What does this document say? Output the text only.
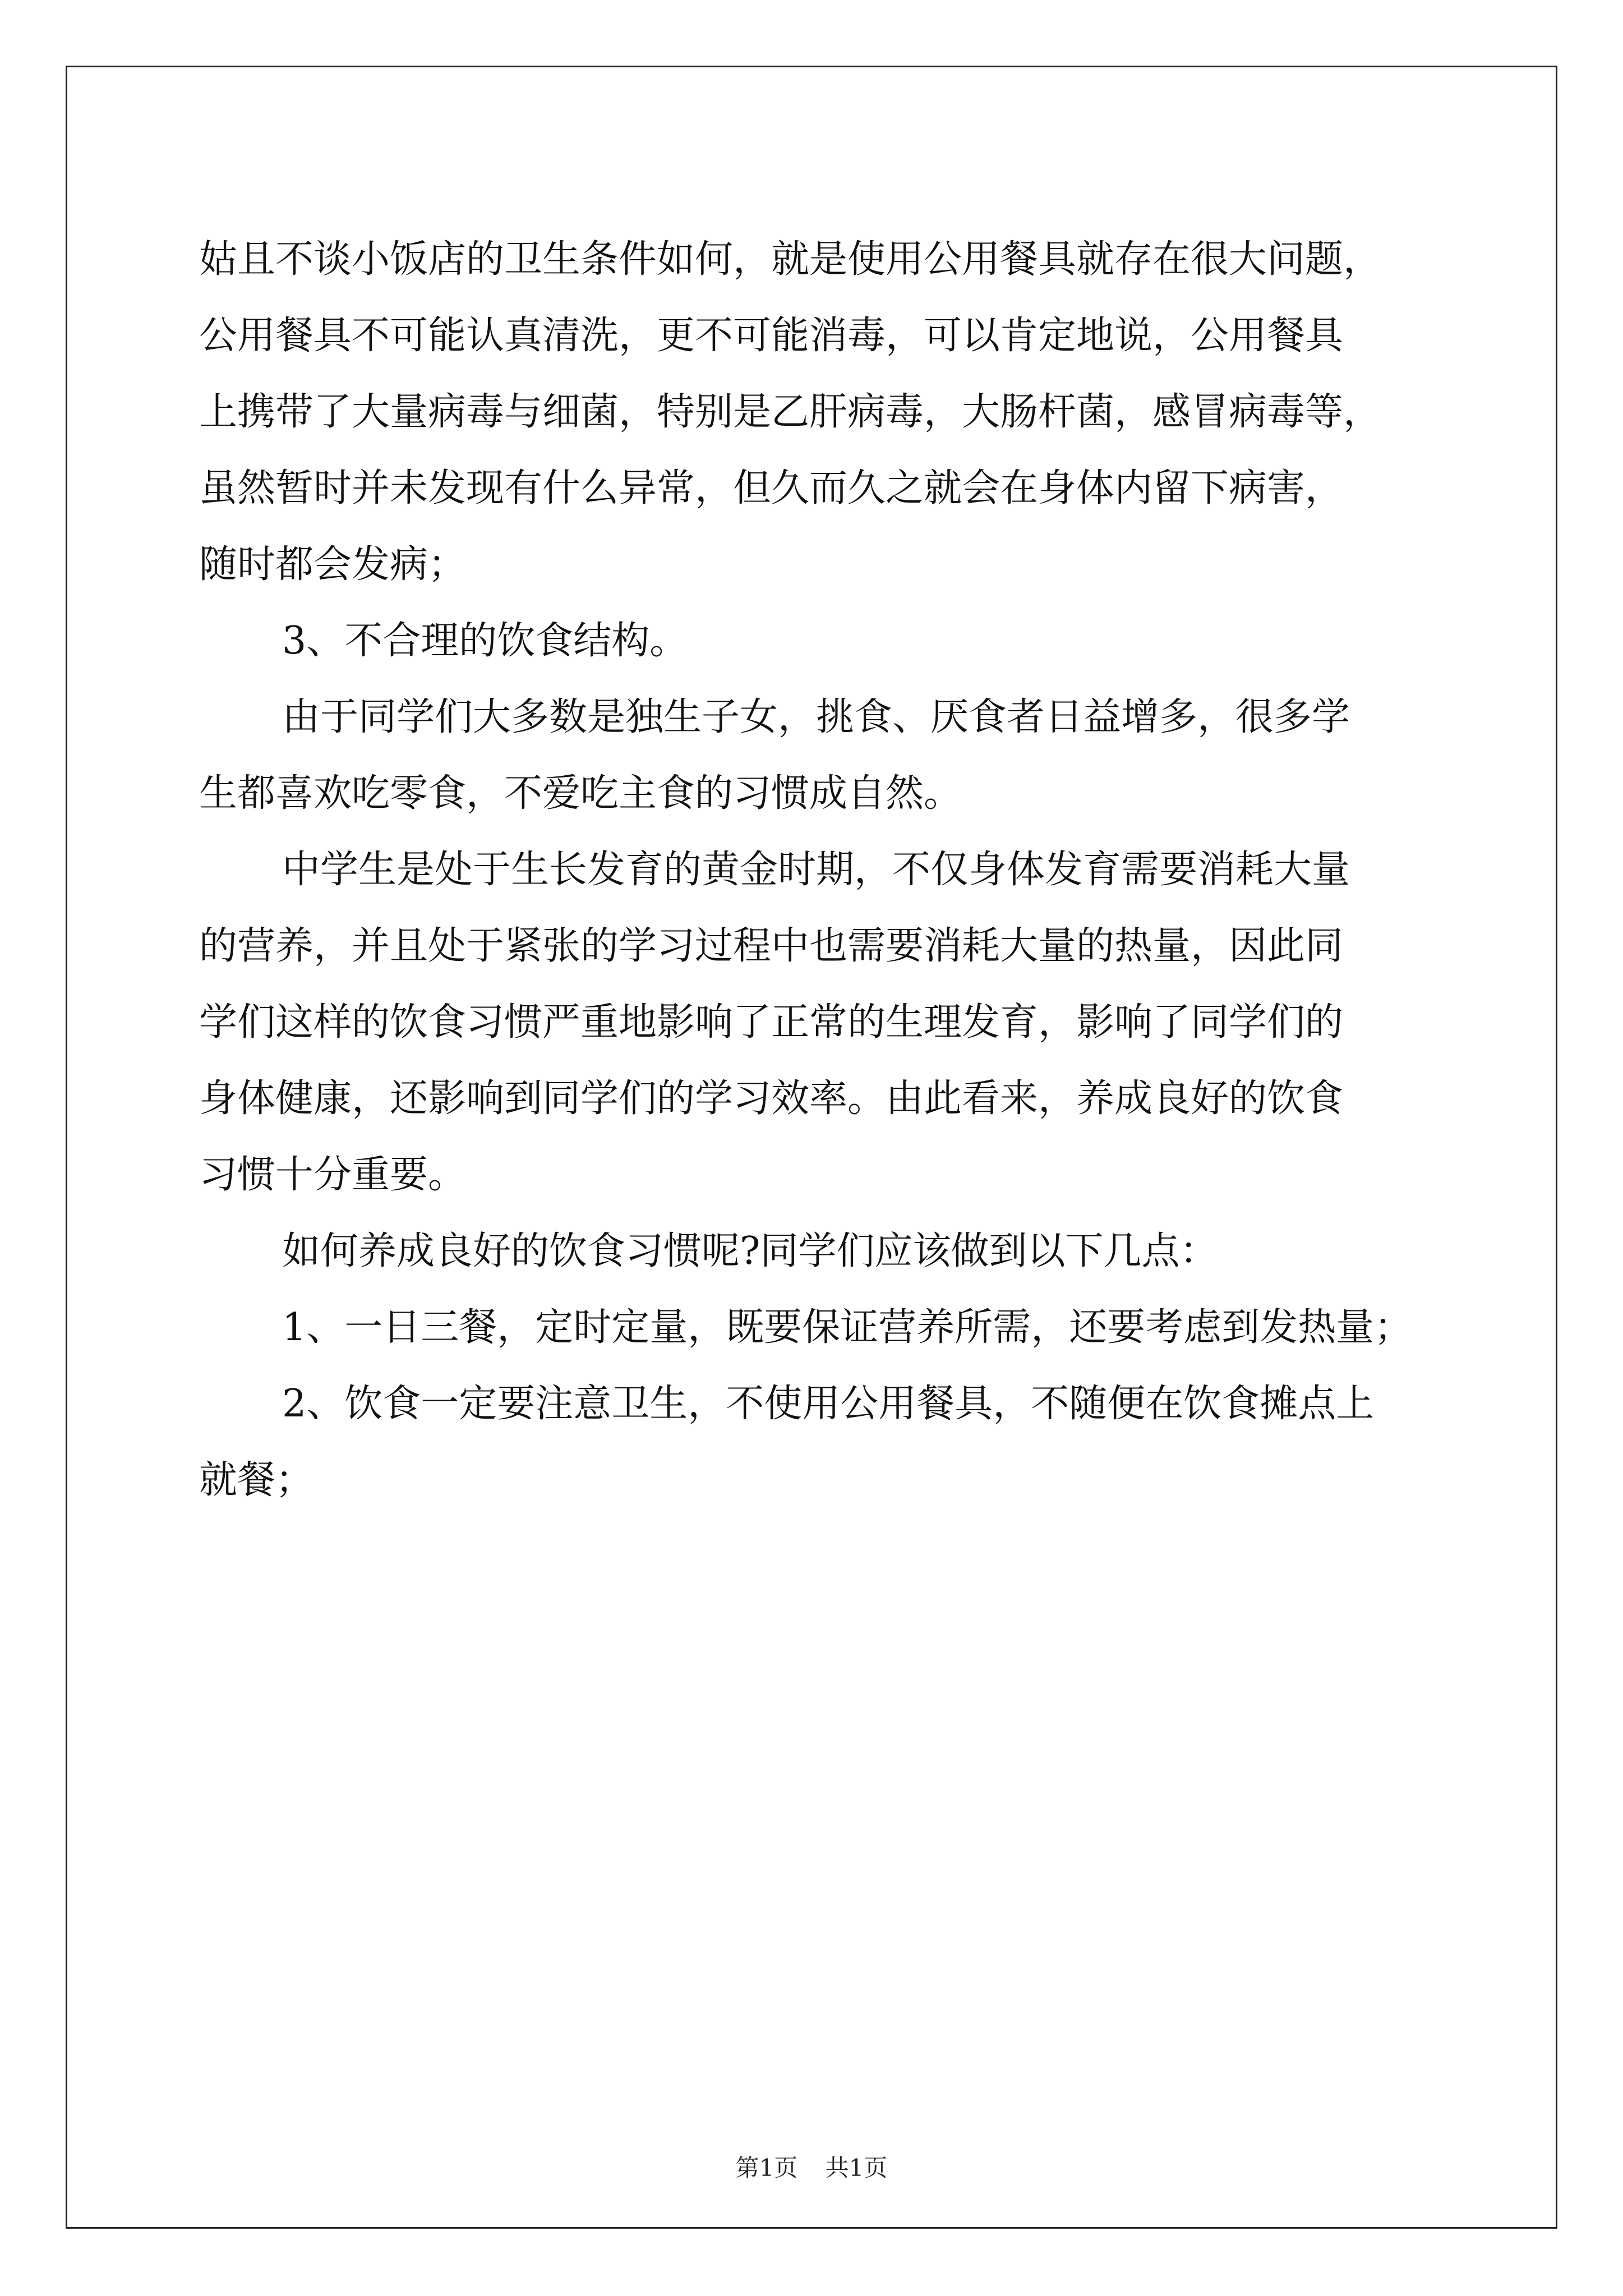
姑且不谈小饭店的卫生条件如何，就是使用公用餐具就存在很大问题，

公用餐具不可能认真清洗，更不可能消毒，可以肯定地说，公用餐具

上携带了大量病毒与细菌，特别是乙肝病毒，大肠杆菌，感冒病毒等，

虽然暂时并未发现有什么异常，但久而久之就会在身体内留下病害，

随时都会发病；

3、不合理的饮食结构。

由于同学们大多数是独生子女，挑食、厌食者日益增多，很多学

生都喜欢吃零食，不爱吃主食的习惯成自然。

中学生是处于生长发育的黄金时期，不仅身体发育需要消耗大量

的营养，并且处于紧张的学习过程中也需要消耗大量的热量，因此同

学们这样的饮食习惯严重地影响了正常的生理发育，影响了同学们的

身体健康，还影响到同学们的学习效率。由此看来，养成良好的饮食

习惯十分重要。

如何养成良好的饮食习惯呢?同学们应该做到以下几点：

1、一日三餐，定时定量，既要保证营养所需，还要考虑到发热量；

2、饮食一定要注意卫生，不使用公用餐具，不随便在饮食摊点上

就餐；

第1页 共1页
